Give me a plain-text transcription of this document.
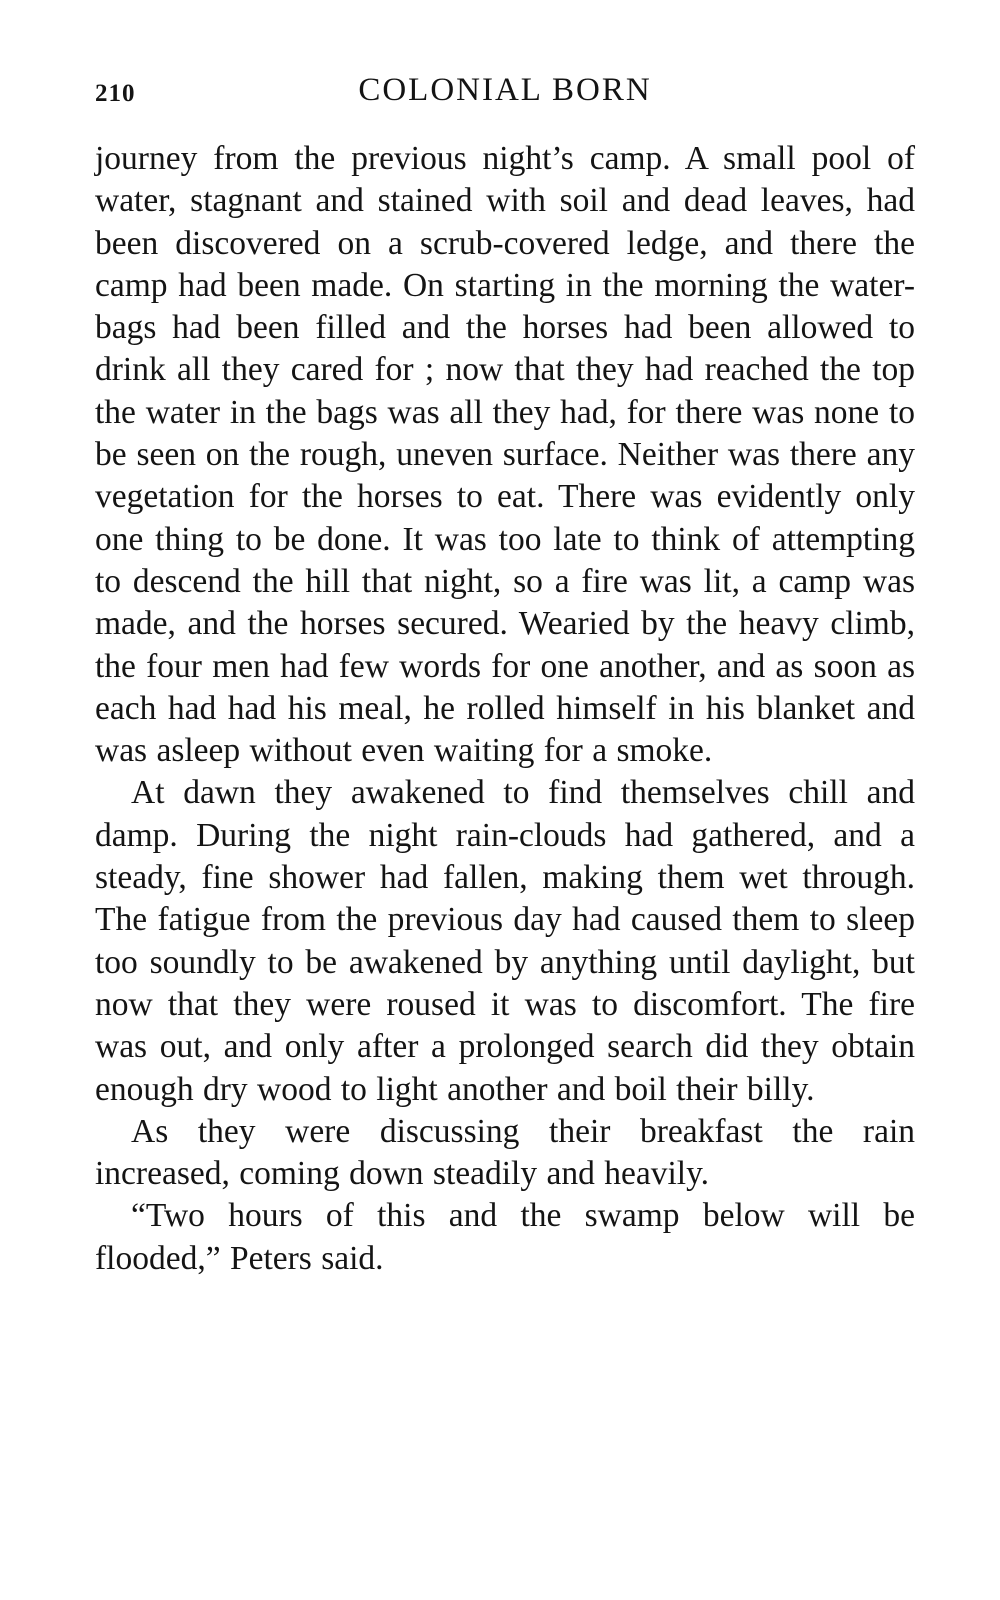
210	COLONIAL BORN

journey from the previous night’s camp. A small pool of water, stagnant and stained with soil and dead leaves, had been discovered on a scrub-covered ledge, and there the camp had been made. On starting in the morning the water-bags had been filled and the horses had been allowed to drink all they cared for ; now that they had reached the top the water in the bags was all they had, for there was none to be seen on the rough, uneven surface. Neither was there any vegetation for the horses to eat. There was evidently only one thing to be done. It was too late to think of attempting to descend the hill that night, so a fire was lit, a camp was made, and the horses secured. Wearied by the heavy climb, the four men had few words for one another, and as soon as each had had his meal, he rolled himself in his blanket and was asleep without even waiting for a smoke.

At dawn they awakened to find themselves chill and damp. During the night rain-clouds had gathered, and a steady, fine shower had fallen, making them wet through. The fatigue from the previous day had caused them to sleep too soundly to be awakened by anything until daylight, but now that they were roused it was to discomfort. The fire was out, and only after a prolonged search did they obtain enough dry wood to light another and boil their billy.

As they were discussing their breakfast the rain increased, coming down steadily and heavily.

“Two hours of this and the swamp below will be flooded,” Peters said.
